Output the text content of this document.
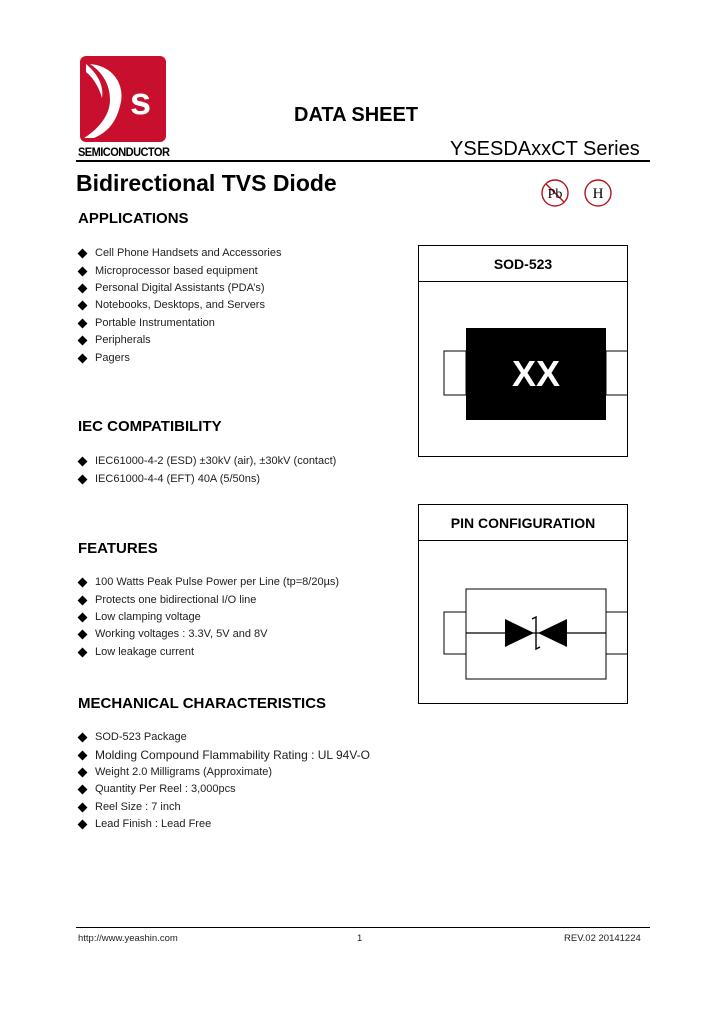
s
SEMICONDUCTOR
DATA SHEET
YSESDAxxCT Series
Bidirectional TVS Diode	Pb H
APPLICATIONS
Cell Phone Handsets and Accessories
Microprocessor based equipment
Personal Digital Assistants (PDA’s)
Notebooks, Desktops, and Servers
Portable Instrumentation
Peripherals
Pagers
IEC COMPATIBILITY
IEC61000-4-2 (ESD) ±30kV (air), ±30kV (contact)
IEC61000-4-4 (EFT) 40A (5/50ns)
FEATURES
100 Watts Peak Pulse Power per Line (tp=8/20µs)
Protects one bidirectional I/O line
Low clamping voltage
Working voltages : 3.3V, 5V and 8V
Low leakage current
MECHANICAL CHARACTERISTICS
SOD-523 Package
Molding Compound Flammability Rating : UL 94V-O
Weight 2.0 Milligrams (Approximate)
Quantity Per Reel : 3,000pcs
Reel Size : 7 inch
Lead Finish : Lead Free
SOD-523
XX
PIN CONFIGURATION
http://www.yeashin.com	1	REV.02 20141224
